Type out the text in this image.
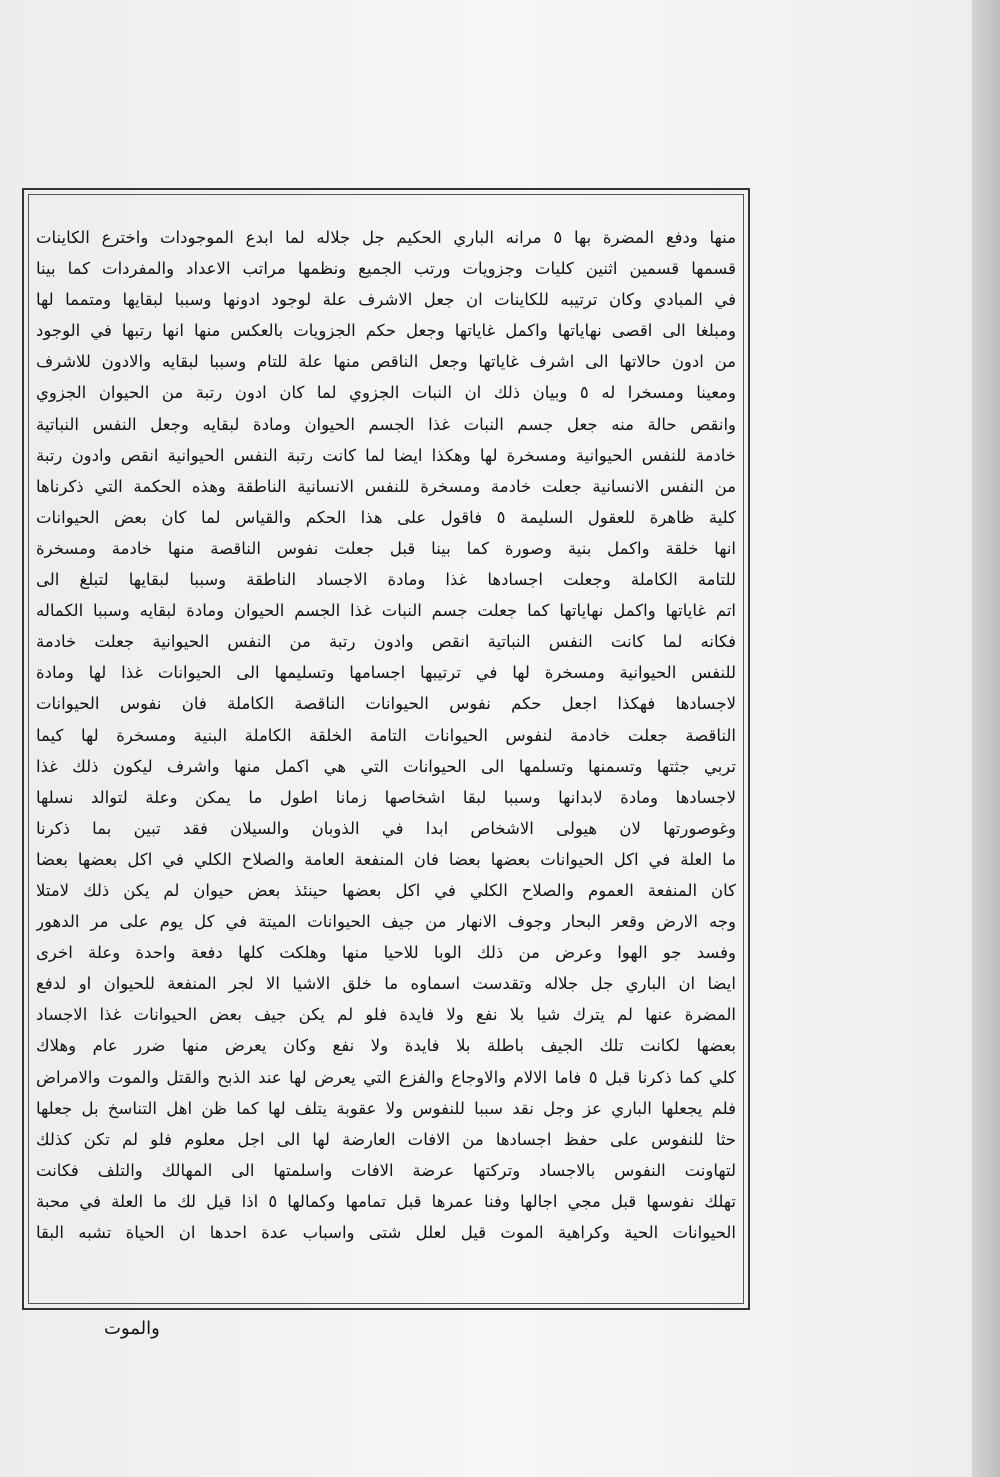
منها ودفع المضرة بها ٥ مرانه الباري الحكيم جل جلاله لما ابدع الموجودات واخترع الكاينات
قسمها قسمين اثنين كليات وجزويات ورتب الجميع ونظمها مراتب الاعداد والمفردات كما بينا
في المبادي وكان ترتيبه للكاينات ان جعل الاشرف علة لوجود ادونها وسببا لبقايها ومتمما لها
ومبلغا الى اقصى نهاياتها واكمل غاياتها وجعل حكم الجزويات بالعكس منها انها رتبها في الوجود
من ادون حالاتها الى اشرف غاياتها وجعل الناقص منها علة للتام وسببا لبقايه والادون للاشرف
ومعينا ومسخرا له ٥ وبيان ذلك ان النبات الجزوي لما كان ادون رتبة من الحيوان الجزوي
وانقص حالة منه جعل جسم النبات غذا الجسم الحيوان ومادة لبقايه وجعل النفس النباتية
خادمة للنفس الحيوانية ومسخرة لها وهكذا ايضا لما كانت رتبة النفس الحيوانية انقص وادون رتبة
من النفس الانسانية جعلت خادمة ومسخرة للنفس الانسانية الناطقة وهذه الحكمة التي ذكرناها
كلية ظاهرة للعقول السليمة ٥ فاقول على هذا الحكم والقياس لما كان بعض الحيوانات
انها خلقة واكمل بنية وصورة كما بينا قبل جعلت نفوس الناقصة منها خادمة ومسخرة
للتامة الكاملة وجعلت اجسادها غذا ومادة الاجساد الناطقة وسببا لبقايها لتبلغ الى
اتم غاياتها واكمل نهاياتها كما جعلت جسم النبات غذا الجسم الحيوان ومادة لبقايه وسببا الكماله
فكانه لما كانت النفس النباتية انقص وادون رتبة من النفس الحيوانية جعلت خادمة
للنفس الحيوانية ومسخرة لها في ترتيبها اجسامها وتسليمها الى الحيوانات غذا لها ومادة
لاجسادها فهكذا اجعل حكم نفوس الحيوانات الناقصة الكاملة فان نفوس الحيوانات
الناقصة جعلت خادمة لنفوس الحيوانات التامة الخلقة الكاملة البنية ومسخرة لها كيما
تربي جثتها وتسمنها وتسلمها الى الحيوانات التي هي اكمل منها واشرف ليكون ذلك غذا
لاجسادها ومادة لابدانها وسببا لبقا اشخاصها زمانا اطول ما يمكن وعلة لتوالد نسلها
وغوصورتها لان هيولى الاشخاص ابدا في الذوبان والسيلان فقد تبين بما ذكرنا
ما العلة في اكل الحيوانات بعضها بعضا فان المنفعة العامة والصلاح الكلي في اكل بعضها بعضا
كان المنفعة العموم والصلاح الكلي في اكل بعضها حينئذ بعض حيوان لم يكن ذلك لامتلا
وجه الارض وقعر البحار وجوف الانهار من جيف الحيوانات الميتة في كل يوم على مر الدهور
وفسد جو الهوا وعرض من ذلك الوبا للاحيا منها وهلكت كلها دفعة واحدة وعلة اخرى
ايضا ان الباري جل جلاله وتقدست اسماوه ما خلق الاشيا الا لجر المنفعة للحيوان او لدفع
المضرة عنها لم يترك شيا بلا نفع ولا فايدة فلو لم يكن جيف بعض الحيوانات غذا الاجساد
بعضها لكانت تلك الجيف باطلة بلا فايدة ولا نفع وكان يعرض منها ضرر عام وهلاك
كلي كما ذكرنا قبل ٥ فاما الالام والاوجاع والفزع التي يعرض لها عند الذبح والقتل والموت والامراض
فلم يجعلها الباري عز وجل نقد سببا للنفوس ولا عقوبة يتلف لها كما ظن اهل التناسخ بل جعلها
حثا للنفوس على حفظ اجسادها من الافات العارضة لها الى اجل معلوم فلو لم تكن كذلك
لتهاونت النفوس بالاجساد وتركتها عرضة الافات واسلمتها الى المهالك والتلف فكانت
تهلك نفوسها قبل مجي اجالها وفنا عمرها قبل تمامها وكمالها ٥ اذا قيل لك ما العلة في محبة
الحيوانات الحية وكراهية الموت قيل لعلل شتى واسباب عدة احدها ان الحياة تشبه البقا
والموت
